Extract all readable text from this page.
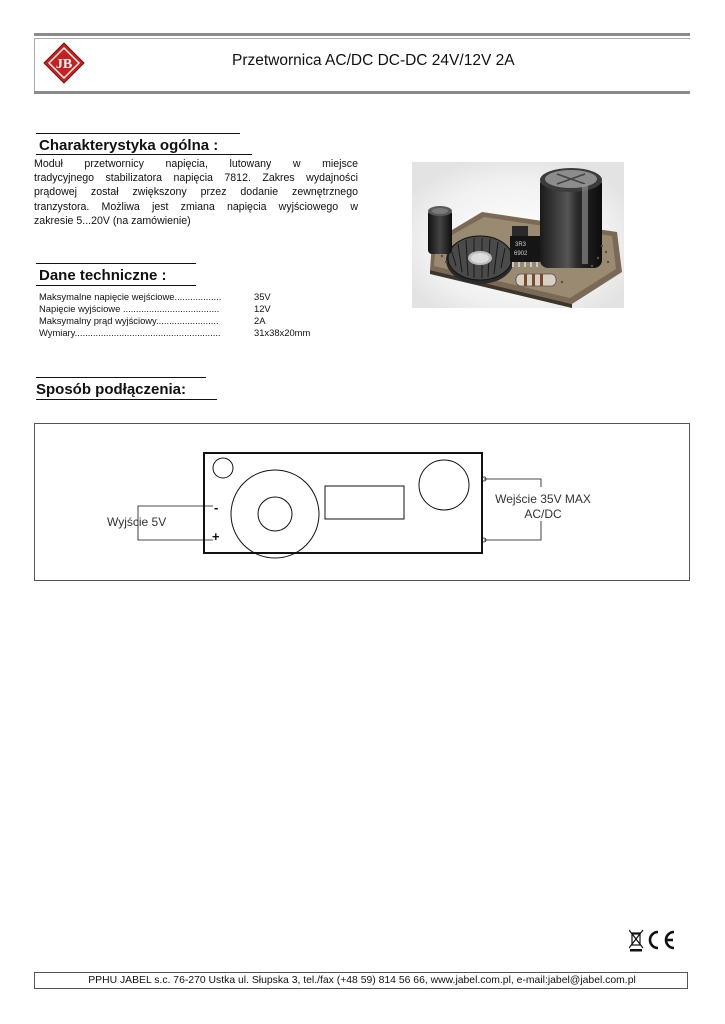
JB	Przetwornica AC/DC DC-DC 24V/12V 2A
Charakterystyka ogólna :
Moduł przetwornicy napięcia, lutowany w miejsce
tradycyjnego stabilizatora napięcia 7812. Zakres wydajności
prądowej został zwiększony przez dodanie zewnętrznego
tranzystora. Możliwa jest zmiana napięcia wyjściowego w
zakresie 5...20V (na zamówienie)
3R3
6902
Dane techniczne :
Maksymalne napięcie wejściowe..................	35V
Napięcie wyjściowe .....................................	12V
Maksymalny prąd wyjściowy........................	2A
Wymiary........................................................	31x38x20mm
Sposób podłączenia:
-
+
Wyjście 5V
Wejście 35V MAX
AC/DC
PPHU JABEL s.c. 76-270 Ustka ul. Słupska 3, tel./fax (+48 59) 814 56 66, www.jabel.com.pl, e-mail:jabel@jabel.com.pl
